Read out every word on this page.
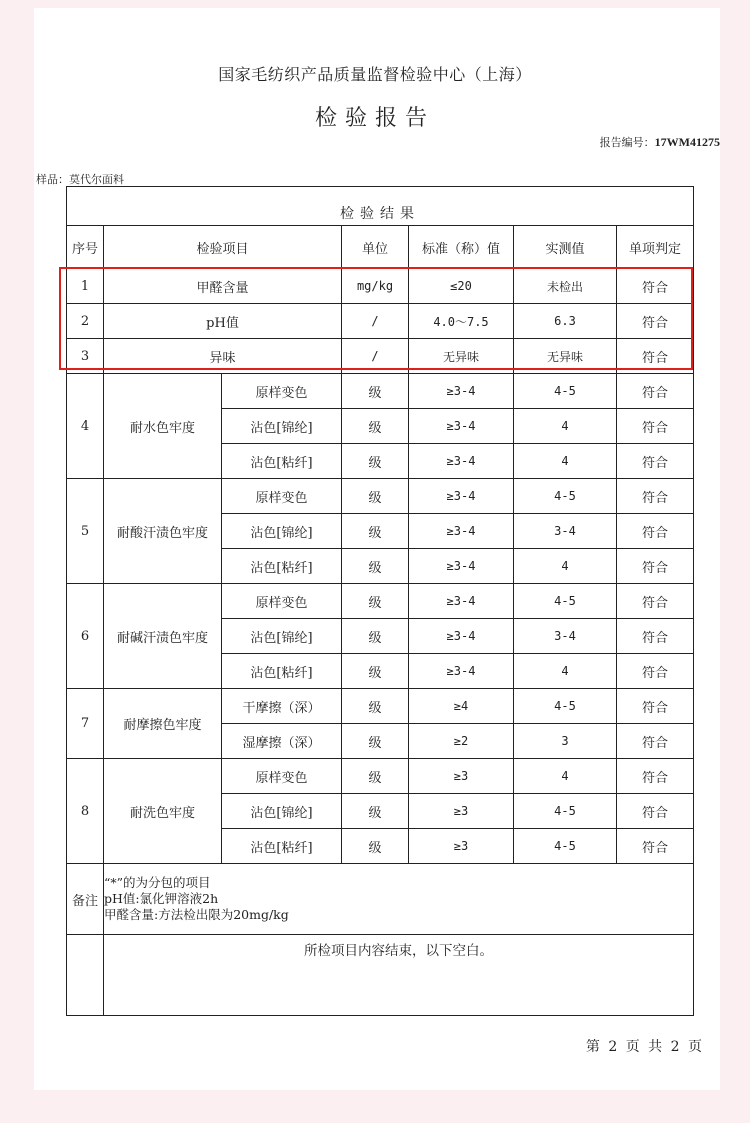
国家毛纺织产品质量监督检验中心（上海）
检验报告
报告编号：17WM41275
样品：莫代尔面料
检验结果						
序号	检验项目		单位	标准（称）值	实测值	单项判定
1	甲醛含量		mg/kg	≤20	未检出	符合
2	pH值		/	4.0～7.5	6.3	符合
3	异味		/	无异味	无异味	符合
4	耐水色牢度	原样变色	级	≥3-4	4-5	符合
		沾色[锦纶]	级	≥3-4	4	符合
		沾色[粘纤]	级	≥3-4	4	符合
5	耐酸汗渍色牢度	原样变色	级	≥3-4	4-5	符合
		沾色[锦纶]	级	≥3-4	3-4	符合
		沾色[粘纤]	级	≥3-4	4	符合
6	耐碱汗渍色牢度	原样变色	级	≥3-4	4-5	符合
		沾色[锦纶]	级	≥3-4	3-4	符合
		沾色[粘纤]	级	≥3-4	4	符合
7	耐摩擦色牢度	干摩擦（深）	级	≥4	4-5	符合
		湿摩擦（深）	级	≥2	3	符合
8	耐洗色牢度	原样变色	级	≥3	4	符合
		沾色[锦纶]	级	≥3	4-5	符合
		沾色[粘纤]	级	≥3	4-5	符合
备注	“*”的为分包的项目
pH值:氯化钾溶液2h
甲醛含量:方法检出限为20mg/kg					

	所检项目内容结束，以下空白。					
第 2 页 共 2 页
